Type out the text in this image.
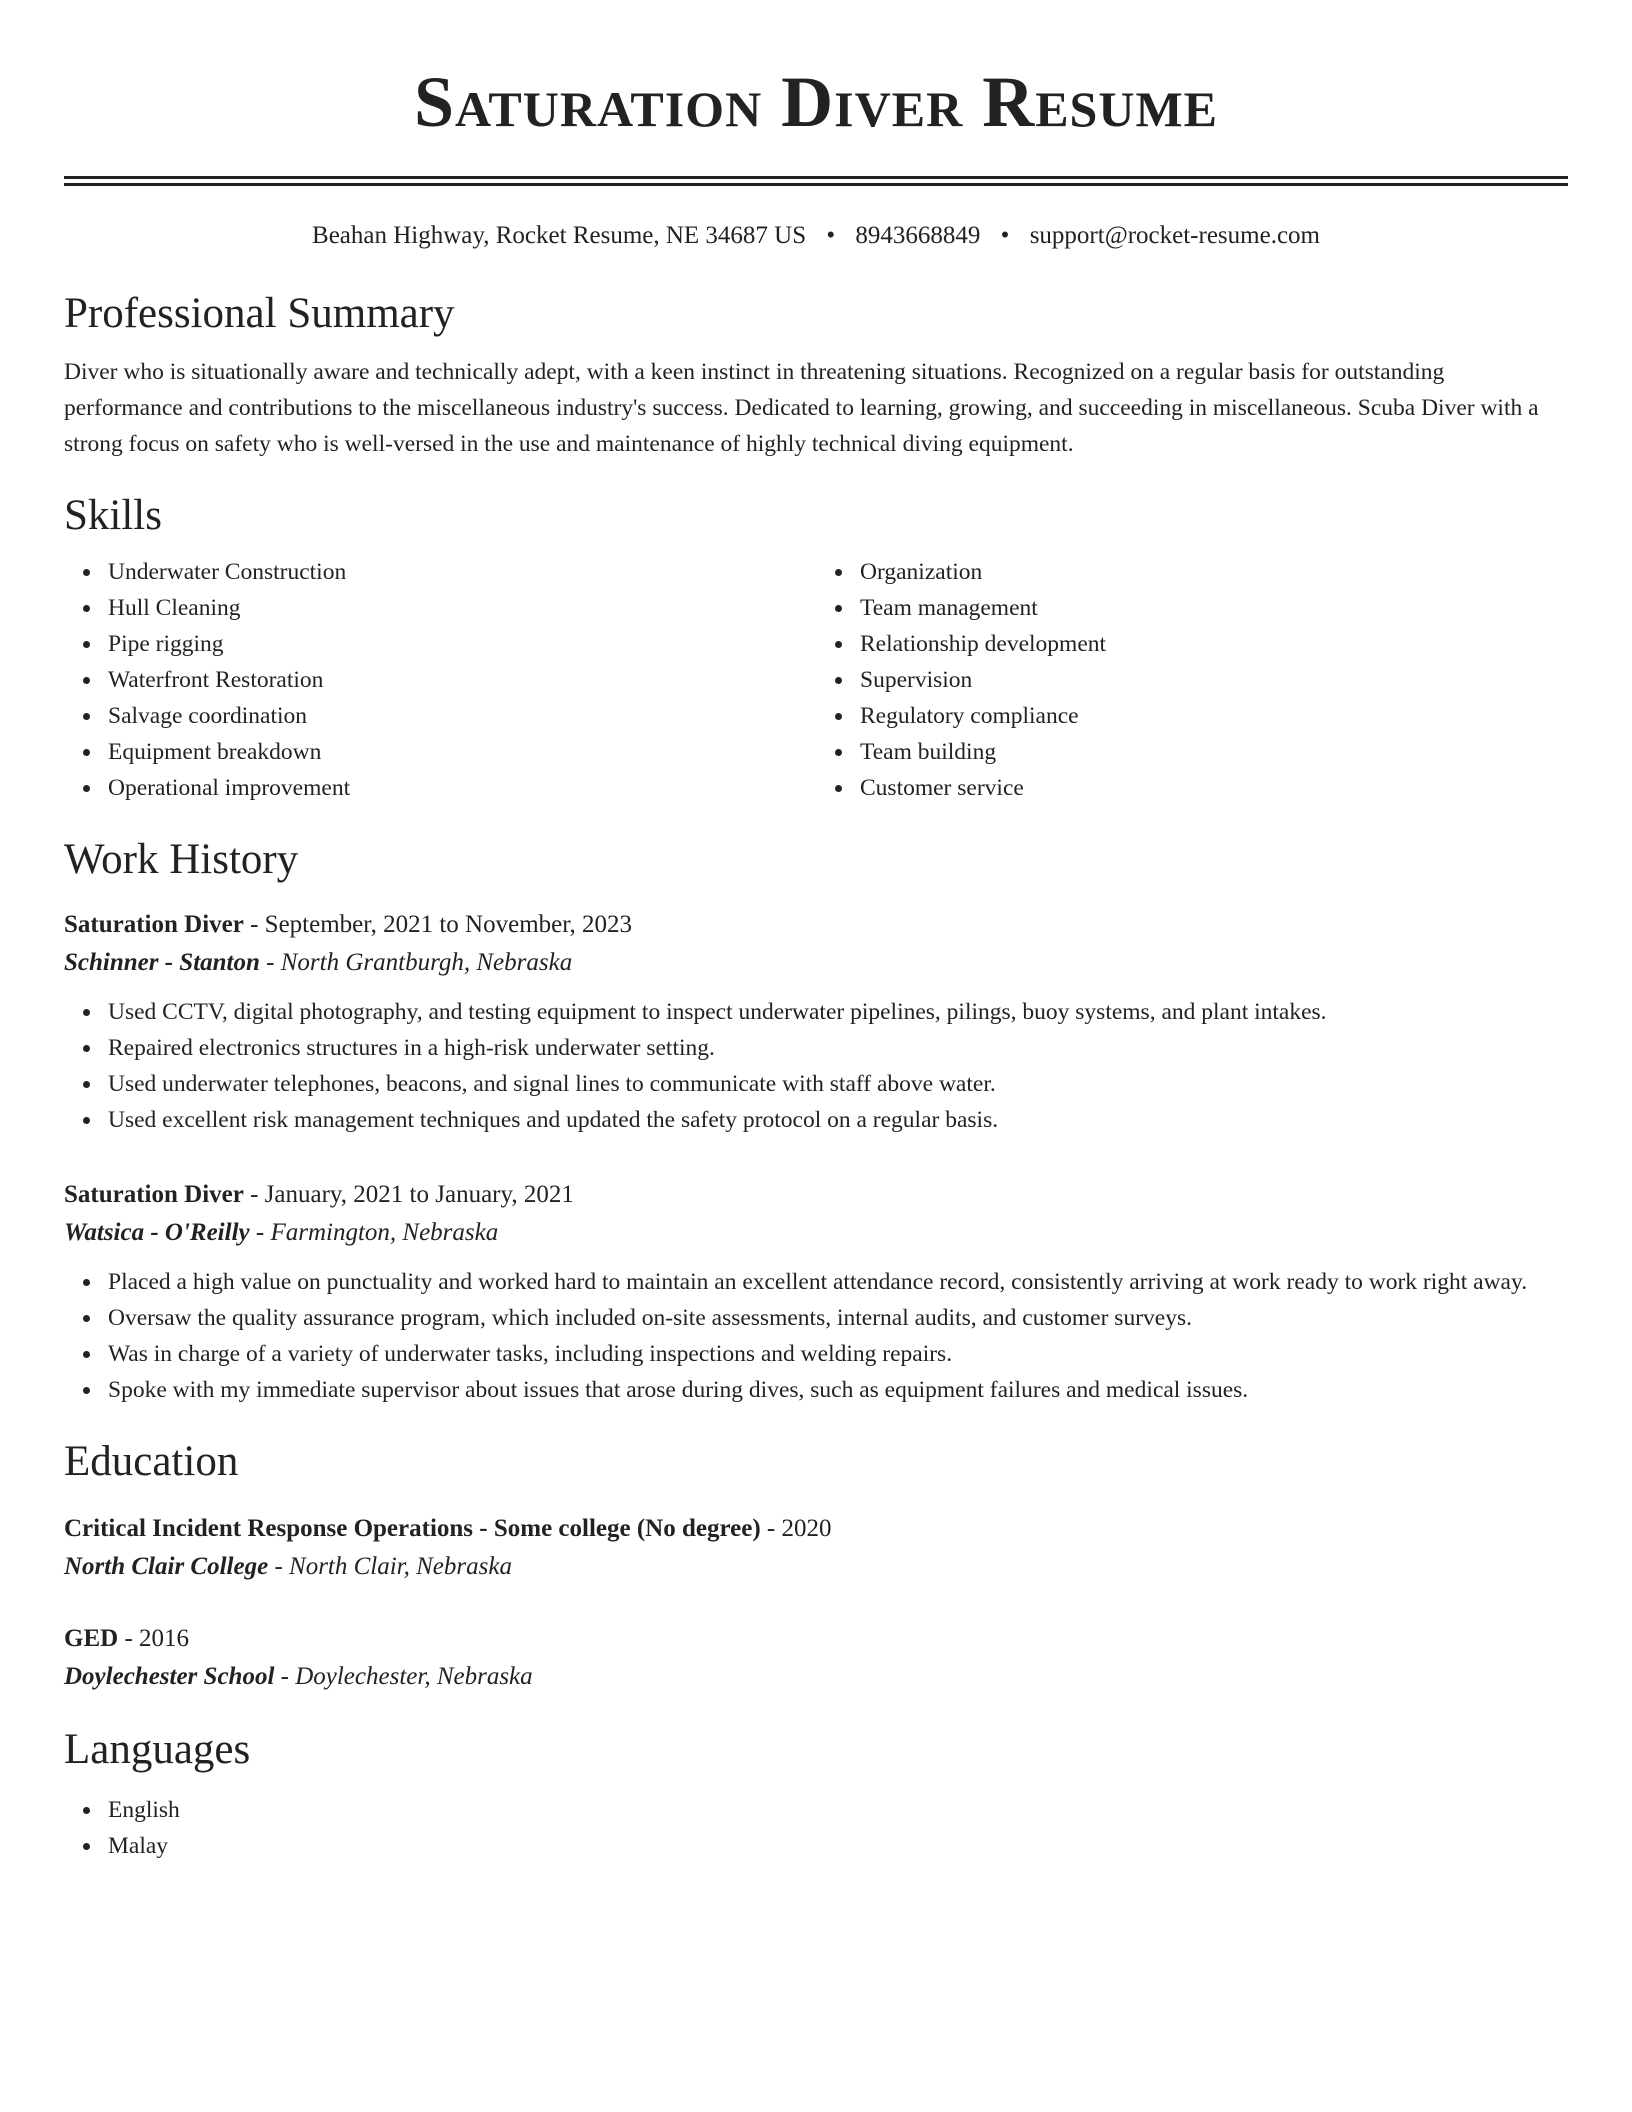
Saturation Diver Resume
Beahan Highway, Rocket Resume, NE 34687 US • 8943668849 • support@rocket-resume.com
Professional Summary

Diver who is situationally aware and technically adept, with a keen instinct in threatening situations. Recognized on a regular basis for outstanding performance and contributions to the miscellaneous industry's success. Dedicated to learning, growing, and succeeding in miscellaneous. Scuba Diver with a strong focus on safety who is well-versed in the use and maintenance of highly technical diving equipment.

Skills
Underwater Construction
Hull Cleaning
Pipe rigging
Waterfront Restoration
Salvage coordination
Equipment breakdown
Operational improvement
Organization
Team management
Relationship development
Supervision
Regulatory compliance
Team building
Customer service
Work History
Saturation Diver - September, 2021 to November, 2023
Schinner - Stanton - North Grantburgh, Nebraska
Used CCTV, digital photography, and testing equipment to inspect underwater pipelines, pilings, buoy systems, and plant intakes.
Repaired electronics structures in a high-risk underwater setting.
Used underwater telephones, beacons, and signal lines to communicate with staff above water.
Used excellent risk management techniques and updated the safety protocol on a regular basis.
Saturation Diver - January, 2021 to January, 2021
Watsica - O'Reilly - Farmington, Nebraska
Placed a high value on punctuality and worked hard to maintain an excellent attendance record, consistently arriving at work ready to work right away.
Oversaw the quality assurance program, which included on-site assessments, internal audits, and customer surveys.
Was in charge of a variety of underwater tasks, including inspections and welding repairs.
Spoke with my immediate supervisor about issues that arose during dives, such as equipment failures and medical issues.
Education
Critical Incident Response Operations - Some college (No degree) - 2020
North Clair College - North Clair, Nebraska
GED - 2016
Doylechester School - Doylechester, Nebraska
Languages
English
Malay
